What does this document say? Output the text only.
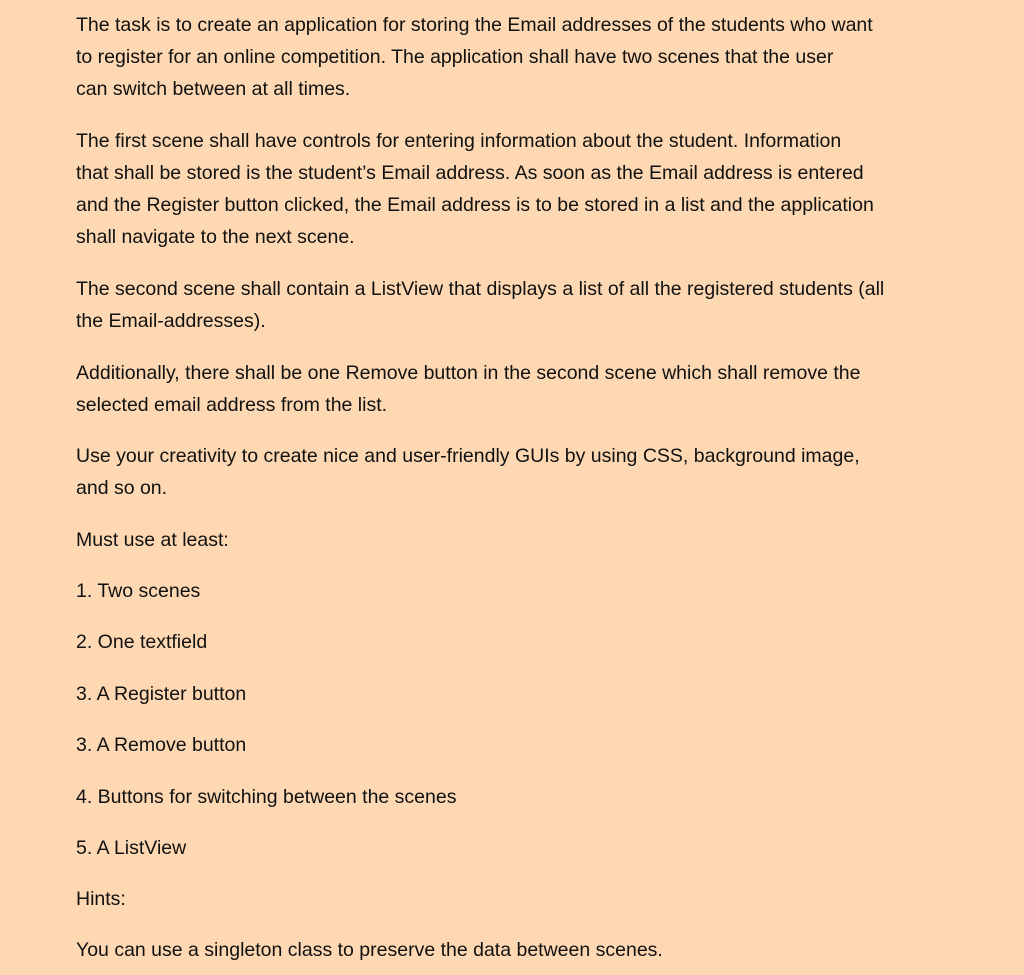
The task is to create an application for storing the Email addresses of the students who want
to register for an online competition. The application shall have two scenes that the user
can switch between at all times.

The first scene shall have controls for entering information about the student. Information
that shall be stored is the student’s Email address. As soon as the Email address is entered
and the Register button clicked, the Email address is to be stored in a list and the application
shall navigate to the next scene.

The second scene shall contain a ListView that displays a list of all the registered students (all
the Email-addresses).

Additionally, there shall be one Remove button in the second scene which shall remove the
selected email address from the list.

Use your creativity to create nice and user-friendly GUIs by using CSS, background image,
and so on.

Must use at least:

1. Two scenes

2. One textfield

3. A Register button

3. A Remove button

4. Buttons for switching between the scenes

5. A ListView

Hints:

You can use a singleton class to preserve the data between scenes.
